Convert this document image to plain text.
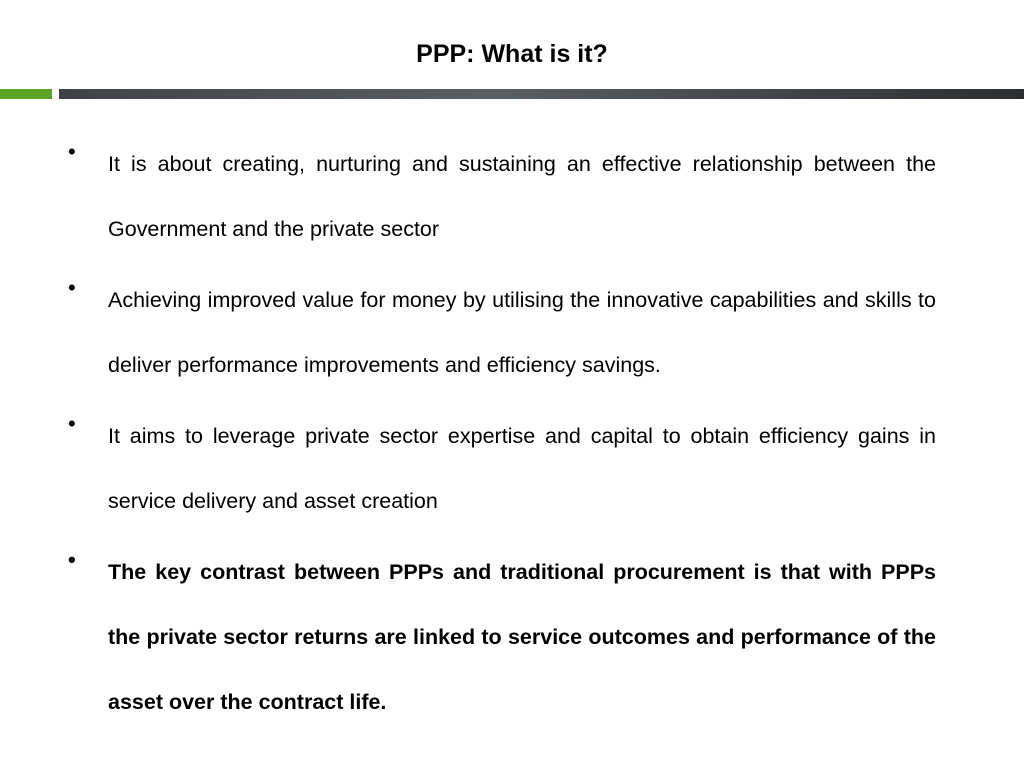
PPP: What is it?
• It is about creating, nurturing and sustaining an effective relationship between the Government and the private sector
• Achieving improved value for money by utilising the innovative capabilities and skills to deliver performance improvements and efficiency savings.
• It aims to leverage private sector expertise and capital to obtain efficiency gains in service delivery and asset creation
• The key contrast between PPPs and traditional procurement is that with PPPs the private sector returns are linked to service outcomes and performance of the asset over the contract life.
